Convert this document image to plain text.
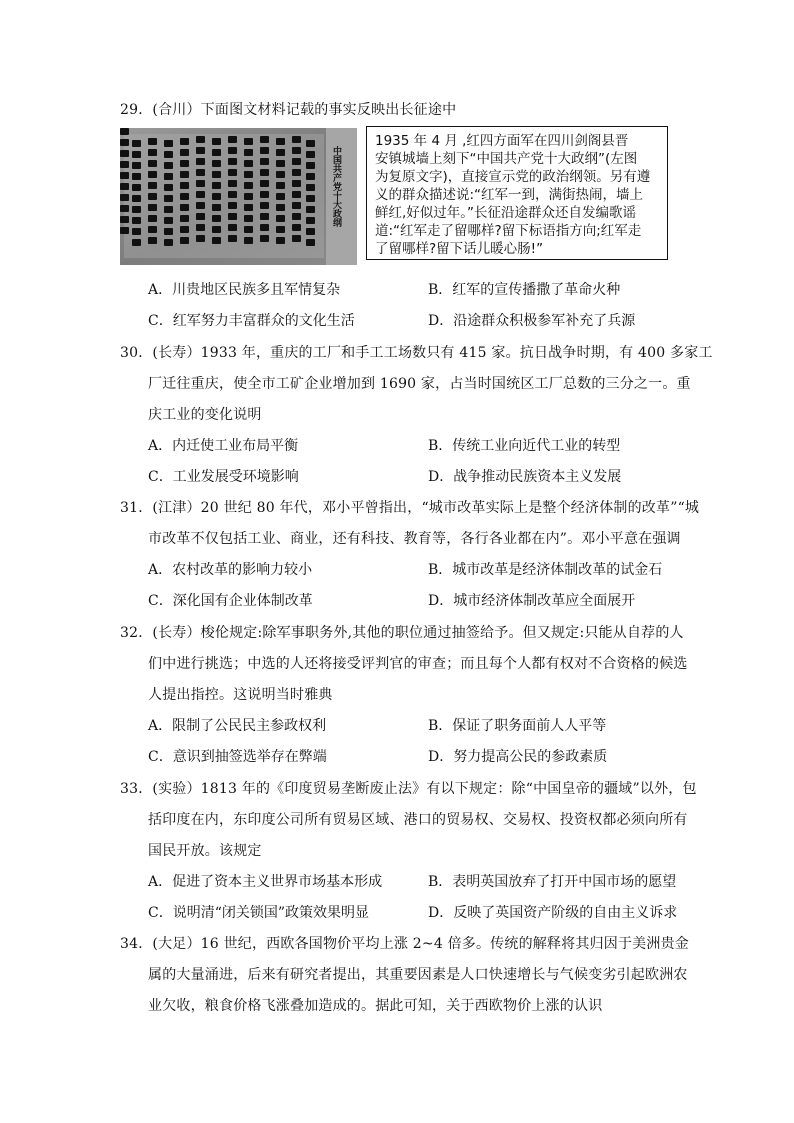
29．(合川）下面图文材料记载的事实反映出长征途中
中国共产党十大政纲
1935 年 4 月 ,红四方面军在四川剑阁县晋
安镇城墙上刻下“中国共产党十大政纲”(左图
为复原文字)，直接宣示党的政治纲领。另有遵
义的群众描述说:“红军一到，满街热闹，墙上
鲜红,好似过年。”长征沿途群众还自发编歌谣
道:“红军走了留哪样?留下标语指方向;红军走
了留哪样?留下话儿暖心肠!”
A．川贵地区民族多且军情复杂	B．红军的宣传播撒了革命火种
C．红军努力丰富群众的文化生活	D．沿途群众积极参军补充了兵源
30．(长寿）1933 年，重庆的工厂和手工工场数只有 415 家。抗日战争时期，有 400 多家工
厂迁往重庆，使全市工矿企业增加到 1690 家，占当时国统区工厂总数的三分之一。重
庆工业的变化说明
A．内迁使工业布局平衡	B．传统工业向近代工业的转型
C．工业发展受环境影响	D．战争推动民族资本主义发展
31．(江津）20 世纪 80 年代，邓小平曾指出，“城市改革实际上是整个经济体制的改革”“城
市改革不仅包括工业、商业，还有科技、教育等，各行各业都在内”。邓小平意在强调
A．农村改革的影响力较小	B．城市改革是经济体制改革的试金石
C．深化国有企业体制改革	D．城市经济体制改革应全面展开
32．(长寿）梭伦规定:除军事职务外,其他的职位通过抽签给予。但又规定:只能从自荐的人
们中进行挑选；中选的人还将接受评判官的审查；而且每个人都有权对不合资格的候选
人提出指控。这说明当时雅典
A．限制了公民民主参政权利	B．保证了职务面前人人平等
C．意识到抽签选举存在弊端	D．努力提高公民的参政素质
33．(实验）1813 年的《印度贸易垄断废止法》有以下规定：除“中国皇帝的疆域”以外，包
括印度在内，东印度公司所有贸易区域、港口的贸易权、交易权、投资权都必须向所有
国民开放。该规定
A．促进了资本主义世界市场基本形成	B．表明英国放弃了打开中国市场的愿望
C．说明清“闭关锁国”政策效果明显	D．反映了英国资产阶级的自由主义诉求
34．(大足）16 世纪，西欧各国物价平均上涨 2~4 倍多。传统的解释将其归因于美洲贵金
属的大量涌进，后来有研究者提出，其重要因素是人口快速增长与气候变劣引起欧洲农
业欠收，粮食价格飞涨叠加造成的。据此可知，关于西欧物价上涨的认识
